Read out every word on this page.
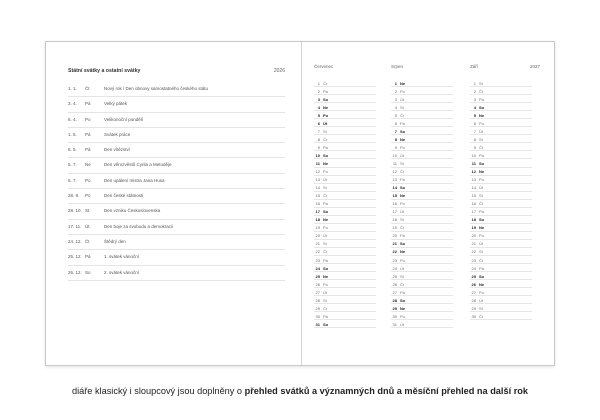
Státní svátky a ostatní svátky	2026
1. 1. Čt	Nový rok / Den obnovy samostatného českého státu
3. 4. Pá	Velký pátek
6. 4. Po	Velikonoční pondělí
1. 5. Pá	Svátek práce
8. 5. Pá	Den vítězství
5. 7. Ne	Den věrozvěstů Cyrila a Metoděje
6. 7. Po	Den upálení mistra Jana Husa
28. 9. Po	Den české státnosti
28. 10. St	Den vzniku Československa
17. 11. Út	Den boje za svobodu a demokracii
24. 12. Čt	Štědrý den
25. 12. Pá	1. svátek vánoční
26. 12. So	2. svátek vánoční
2027
Červenec
1 Čt
2 Pá
3 So
4 Ne
5 Po
6 Út
7 St
8 Čt
9 Pá
10 So
11 Ne
12 Po
13 Út
14 St
15 Čt
16 Pá
17 So
18 Ne
19 Po
20 Út
21 St
22 Čt
23 Pá
24 So
25 Ne
26 Po
27 Út
28 St
29 Čt
30 Pá
31 So
Srpen
1 Ne
2 Po
3 Út
4 St
5 Čt
6 Pá
7 So
8 Ne
9 Po
10 Út
11 St
12 Čt
13 Pá
14 So
15 Ne
16 Po
17 Út
18 St
19 Čt
20 Pá
21 So
22 Ne
23 Po
24 Út
25 St
26 Čt
27 Pá
28 So
29 Ne
30 Po
31 Út
Září
1 St
2 Čt
3 Pá
4 So
5 Ne
6 Po
7 Út
8 St
9 Čt
10 Pá
11 So
12 Ne
13 Po
14 Út
15 St
16 Čt
17 Pá
18 So
19 Ne
20 Po
21 Út
22 St
23 Čt
24 Pá
25 So
26 Ne
27 Po
28 Út
29 St
30 Čt
diáře klasický i sloupcový jsou doplněny o přehled svátků a významných dnů a měsíční přehled na další rok
